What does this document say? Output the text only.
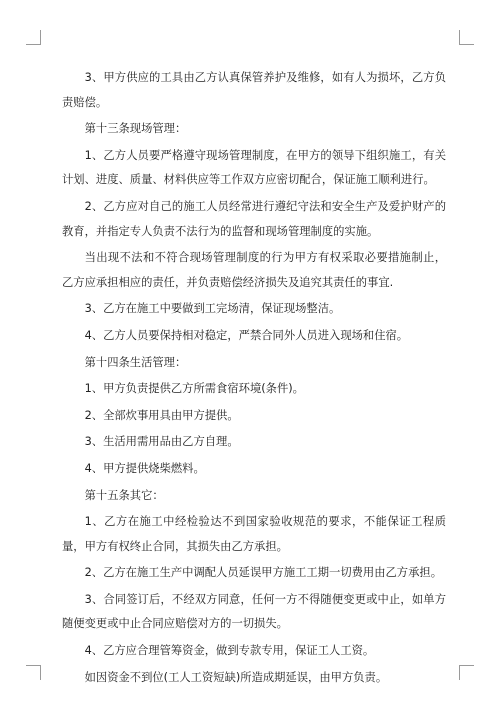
3、甲方供应的工具由乙方认真保管养护及维修，如有人为损坏，乙方负责赔偿。

第十三条现场管理：

1、乙方人员要严格遵守现场管理制度，在甲方的领导下组织施工，有关计划、进度、质量、材料供应等工作双方应密切配合，保证施工顺利进行。

2、乙方应对自己的施工人员经常进行遵纪守法和安全生产及爱护财产的教育，并指定专人负责不法行为的监督和现场管理制度的实施。

当出现不法和不符合现场管理制度的行为甲方有权采取必要措施制止，乙方应承担相应的责任，并负责赔偿经济损失及追究其责任的事宜.

3、乙方在施工中要做到工完场清，保证现场整洁。

4、乙方人员要保持相对稳定，严禁合同外人员进入现场和住宿。

第十四条生活管理：

1、甲方负责提供乙方所需食宿环境(条件)。

2、全部炊事用具由甲方提供。

3、生活用需用品由乙方自理。

4、甲方提供烧柴燃料。

第十五条其它：

1、乙方在施工中经检验达不到国家验收规范的要求，不能保证工程质量，甲方有权终止合同，其损失由乙方承担。

2、乙方在施工生产中调配人员延误甲方施工工期一切费用由乙方承担。

3、合同签订后，不经双方同意，任何一方不得随便变更或中止，如单方随便变更或中止合同应赔偿对方的一切损失。

4、乙方应合理管筹资金，做到专款专用，保证工人工资。

如因资金不到位(工人工资短缺)所造成期延误，由甲方负责。
